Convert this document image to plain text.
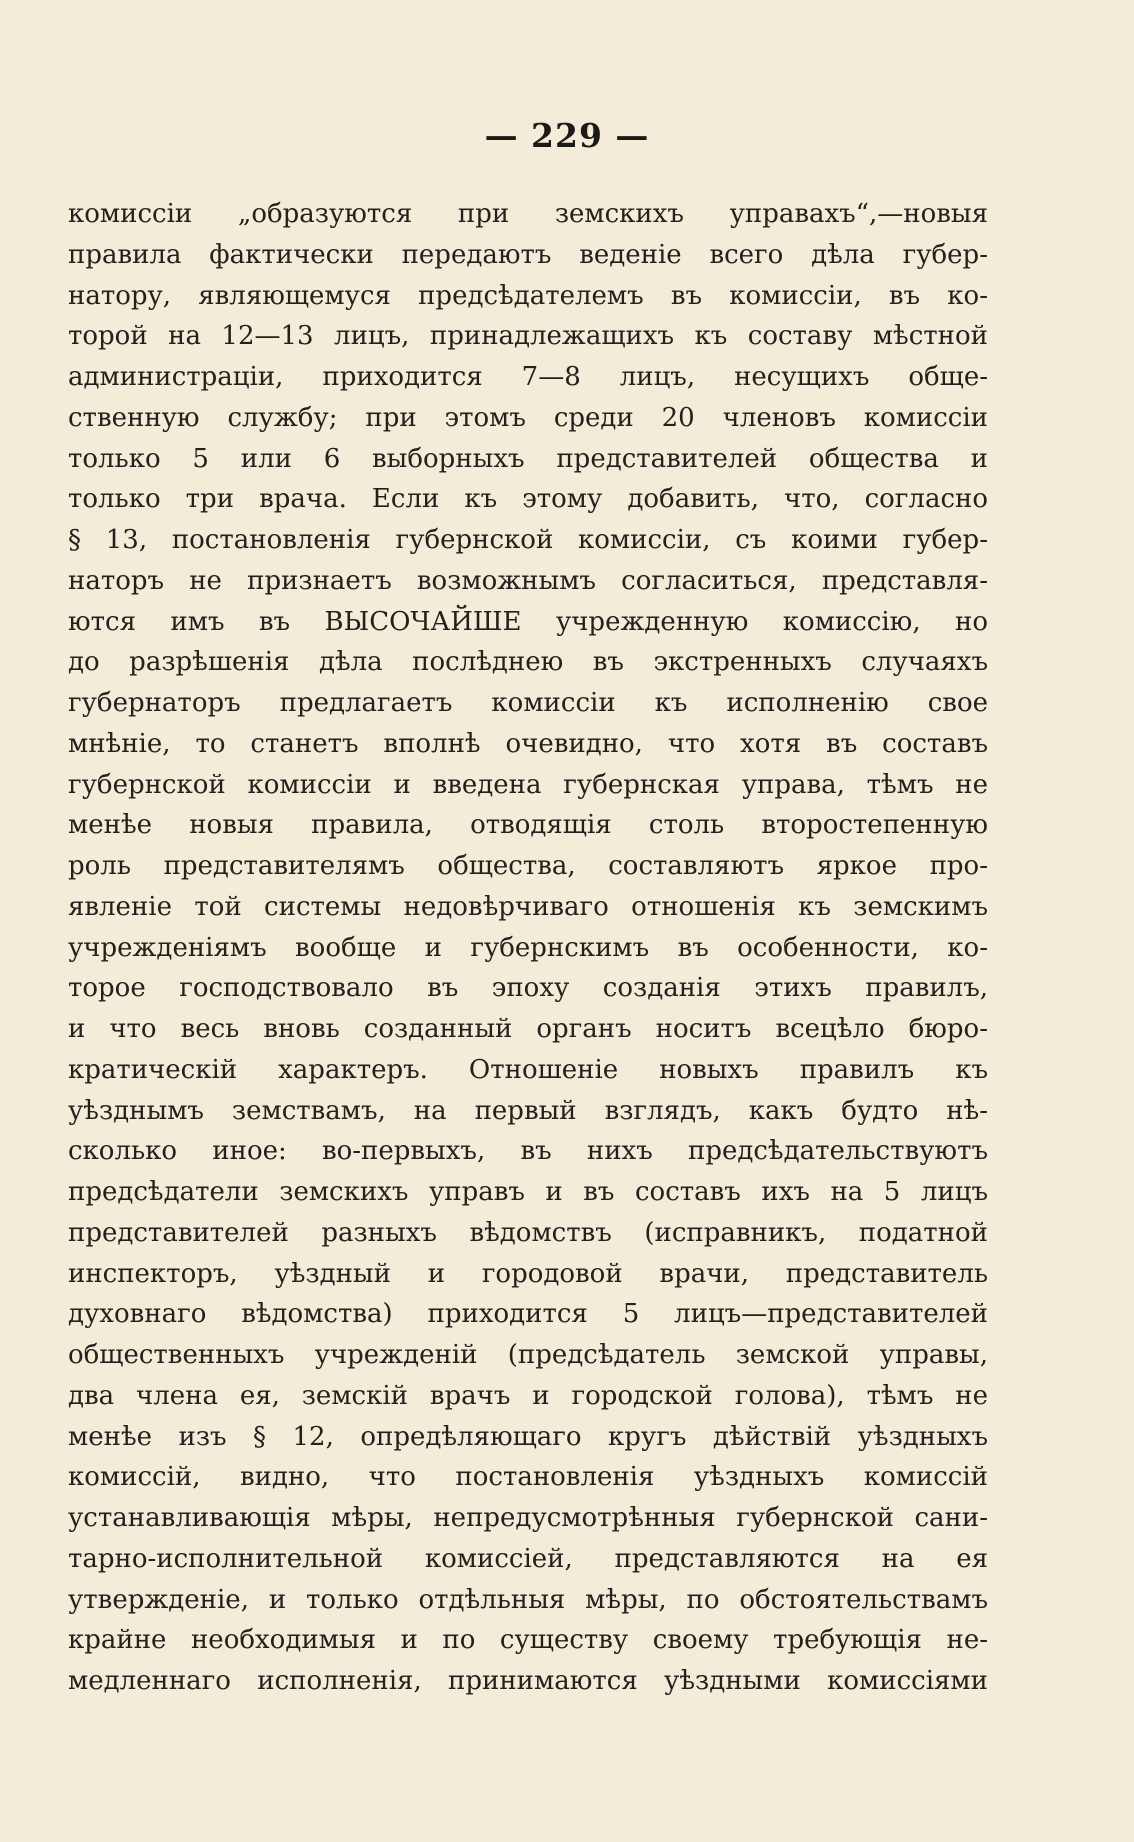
— 229 —
комиссіи „образуются при земскихъ управахъ“,—новыя
правила фактически передаютъ веденіе всего дѣла губер-
натору, являющемуся предсѣдателемъ въ комиссіи, въ ко-
торой на 12—13 лицъ, принадлежащихъ къ составу мѣстной
администраціи, приходится 7—8 лицъ, несущихъ обще-
ственную службу; при этомъ среди 20 членовъ комиссіи
только 5 или 6 выборныхъ представителей общества и
только три врача. Если къ этому добавить, что, согласно
§ 13, постановленія губернской комиссіи, съ коими губер-
наторъ не признаетъ возможнымъ согласиться, представля-
ются имъ въ ВЫСОЧАЙШЕ учрежденную комиссію, но
до разрѣшенія дѣла послѣднею въ экстренныхъ случаяхъ
губернаторъ предлагаетъ комиссіи къ исполненію свое
мнѣніе, то станетъ вполнѣ очевидно, что хотя въ составъ
губернской комиссіи и введена губернская управа, тѣмъ не
менѣе новыя правила, отводящія столь второстепенную
роль представителямъ общества, составляютъ яркое про-
явленіе той системы недовѣрчиваго отношенія къ земскимъ
учрежденіямъ вообще и губернскимъ въ особенности, ко-
торое господствовало въ эпоху созданія этихъ правилъ,
и что весь вновь созданный органъ носитъ всецѣло бюро-
кратическій характеръ. Отношеніе новыхъ правилъ къ
уѣзднымъ земствамъ, на первый взглядъ, какъ будто нѣ-
сколько иное: во-первыхъ, въ нихъ предсѣдательствуютъ
предсѣдатели земскихъ управъ и въ составъ ихъ на 5 лицъ
представителей разныхъ вѣдомствъ (исправникъ, податной
инспекторъ, уѣздный и городовой врачи, представитель
духовнаго вѣдомства) приходится 5 лицъ—представителей
общественныхъ учрежденій (предсѣдатель земской управы,
два члена ея, земскій врачъ и городской голова), тѣмъ не
менѣе изъ § 12, опредѣляющаго кругъ дѣйствій уѣздныхъ
комиссій, видно, что постановленія уѣздныхъ комиссій
устанавливающія мѣры, непредусмотрѣнныя губернской сани-
тарно-исполнительной комиссіей, представляются на ея
утвержденіе, и только отдѣльныя мѣры, по обстоятельствамъ
крайне необходимыя и по существу своему требующія не-
медленнаго исполненія, принимаются уѣздными комиссіями
